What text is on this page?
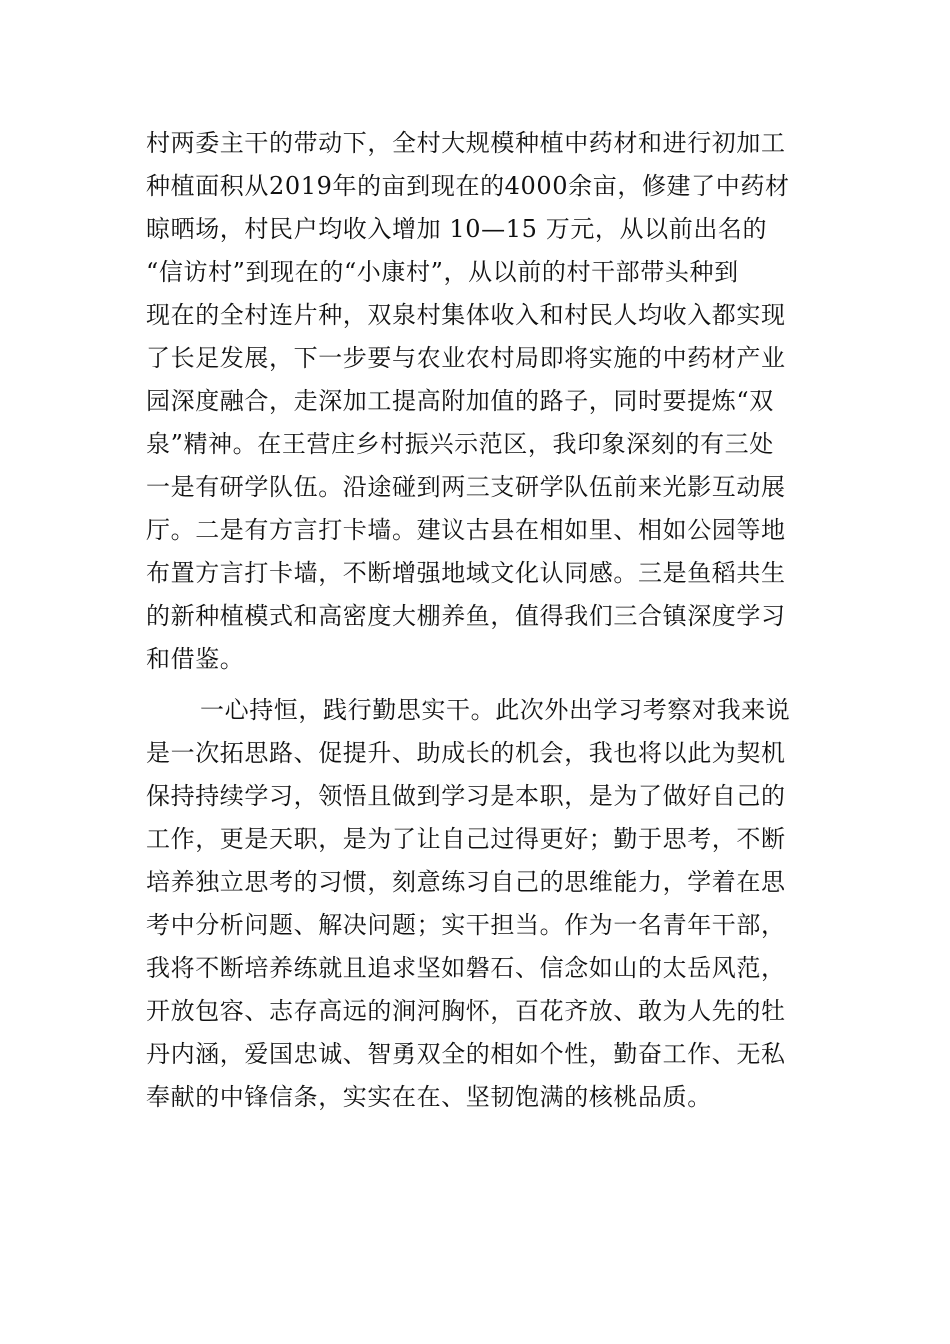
村两委主干的带动下，全村大规模种植中药材和进行初加工
种植面积从2019年的亩到现在的4000余亩，修建了中药材
晾晒场，村民户均收入增加 10—15 万元，从以前出名的
“信访村”到现在的“小康村”，从以前的村干部带头种到
现在的全村连片种，双泉村集体收入和村民人均收入都实现
了长足发展，下一步要与农业农村局即将实施的中药材产业
园深度融合，走深加工提高附加值的路子，同时要提炼“双
泉”精神。在王营庄乡村振兴示范区，我印象深刻的有三处
一是有研学队伍。沿途碰到两三支研学队伍前来光影互动展
厅。二是有方言打卡墙。建议古县在相如里、相如公园等地
布置方言打卡墙，不断增强地域文化认同感。三是鱼稻共生
的新种植模式和高密度大棚养鱼，值得我们三合镇深度学习
和借鉴。
一心持恒，践行勤思实干。此次外出学习考察对我来说
是一次拓思路、促提升、助成长的机会，我也将以此为契机
保持持续学习，领悟且做到学习是本职，是为了做好自己的
工作，更是天职，是为了让自己过得更好；勤于思考，不断
培养独立思考的习惯，刻意练习自己的思维能力，学着在思
考中分析问题、解决问题；实干担当。作为一名青年干部，
我将不断培养练就且追求坚如磐石、信念如山的太岳风范，
开放包容、志存高远的涧河胸怀，百花齐放、敢为人先的牡
丹内涵，爱国忠诚、智勇双全的相如个性，勤奋工作、无私
奉献的中锋信条，实实在在、坚韧饱满的核桃品质。
